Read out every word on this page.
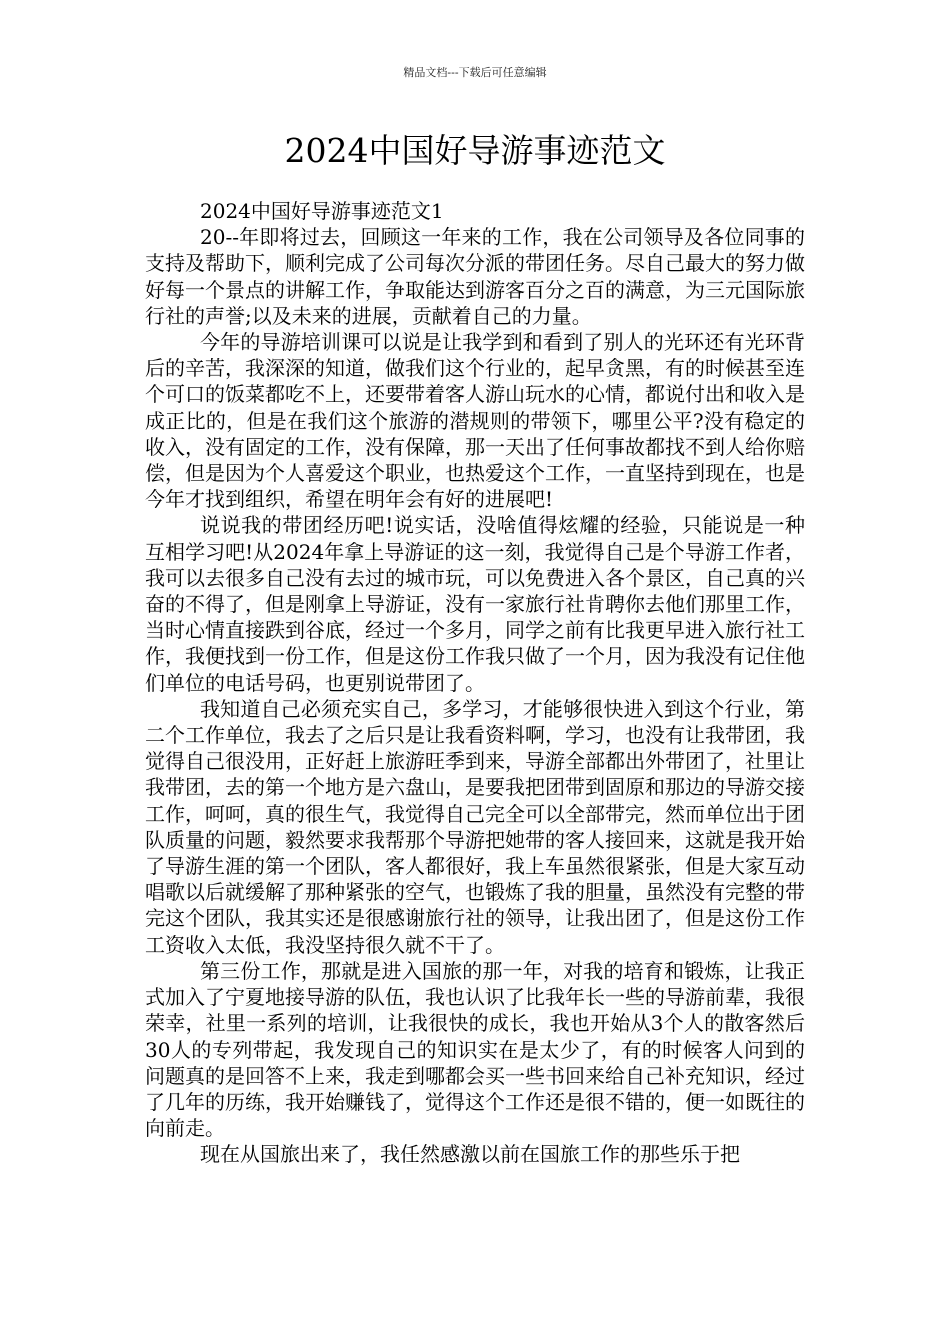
精品文档---下载后可任意编辑
2024中国好导游事迹范文

2024中国好导游事迹范文1

20--年即将过去，回顾这一年来的工作，我在公司领导及各位同事的支持及帮助下，顺利完成了公司每次分派的带团任务。尽自己最大的努力做好每一个景点的讲解工作，争取能达到游客百分之百的满意，为三元国际旅行社的声誉;以及未来的进展，贡献着自己的力量。

今年的导游培训课可以说是让我学到和看到了别人的光环还有光环背后的辛苦，我深深的知道，做我们这个行业的，起早贪黑，有的时候甚至连个可口的饭菜都吃不上，还要带着客人游山玩水的心情，都说付出和收入是成正比的，但是在我们这个旅游的潜规则的带领下，哪里公平?没有稳定的收入，没有固定的工作，没有保障，那一天出了任何事故都找不到人给你赔偿，但是因为个人喜爱这个职业，也热爱这个工作，一直坚持到现在，也是今年才找到组织，希望在明年会有好的进展吧!

说说我的带团经历吧!说实话，没啥值得炫耀的经验，只能说是一种互相学习吧!从2024年拿上导游证的这一刻，我觉得自己是个导游工作者，我可以去很多自己没有去过的城市玩，可以免费进入各个景区，自己真的兴奋的不得了，但是刚拿上导游证，没有一家旅行社肯聘你去他们那里工作，当时心情直接跌到谷底，经过一个多月，同学之前有比我更早进入旅行社工作，我便找到一份工作，但是这份工作我只做了一个月，因为我没有记住他们单位的电话号码，也更别说带团了。

我知道自己必须充实自己，多学习，才能够很快进入到这个行业，第二个工作单位，我去了之后只是让我看资料啊，学习，也没有让我带团，我觉得自己很没用，正好赶上旅游旺季到来，导游全部都出外带团了，社里让我带团，去的第一个地方是六盘山，是要我把团带到固原和那边的导游交接工作，呵呵，真的很生气，我觉得自己完全可以全部带完，然而单位出于团队质量的问题，毅然要求我帮那个导游把她带的客人接回来，这就是我开始了导游生涯的第一个团队，客人都很好，我上车虽然很紧张，但是大家互动唱歌以后就缓解了那种紧张的空气，也锻炼了我的胆量，虽然没有完整的带完这个团队，我其实还是很感谢旅行社的领导，让我出团了，但是这份工作工资收入太低，我没坚持很久就不干了。

第三份工作，那就是进入国旅的那一年，对我的培育和锻炼，让我正式加入了宁夏地接导游的队伍，我也认识了比我年长一些的导游前辈，我很荣幸，社里一系列的培训，让我很快的成长，我也开始从3个人的散客然后30人的专列带起，我发现自己的知识实在是太少了，有的时候客人问到的问题真的是回答不上来，我走到哪都会买一些书回来给自己补充知识，经过了几年的历练，我开始赚钱了，觉得这个工作还是很不错的，便一如既往的向前走。

现在从国旅出来了，我任然感激以前在国旅工作的那些乐于把
